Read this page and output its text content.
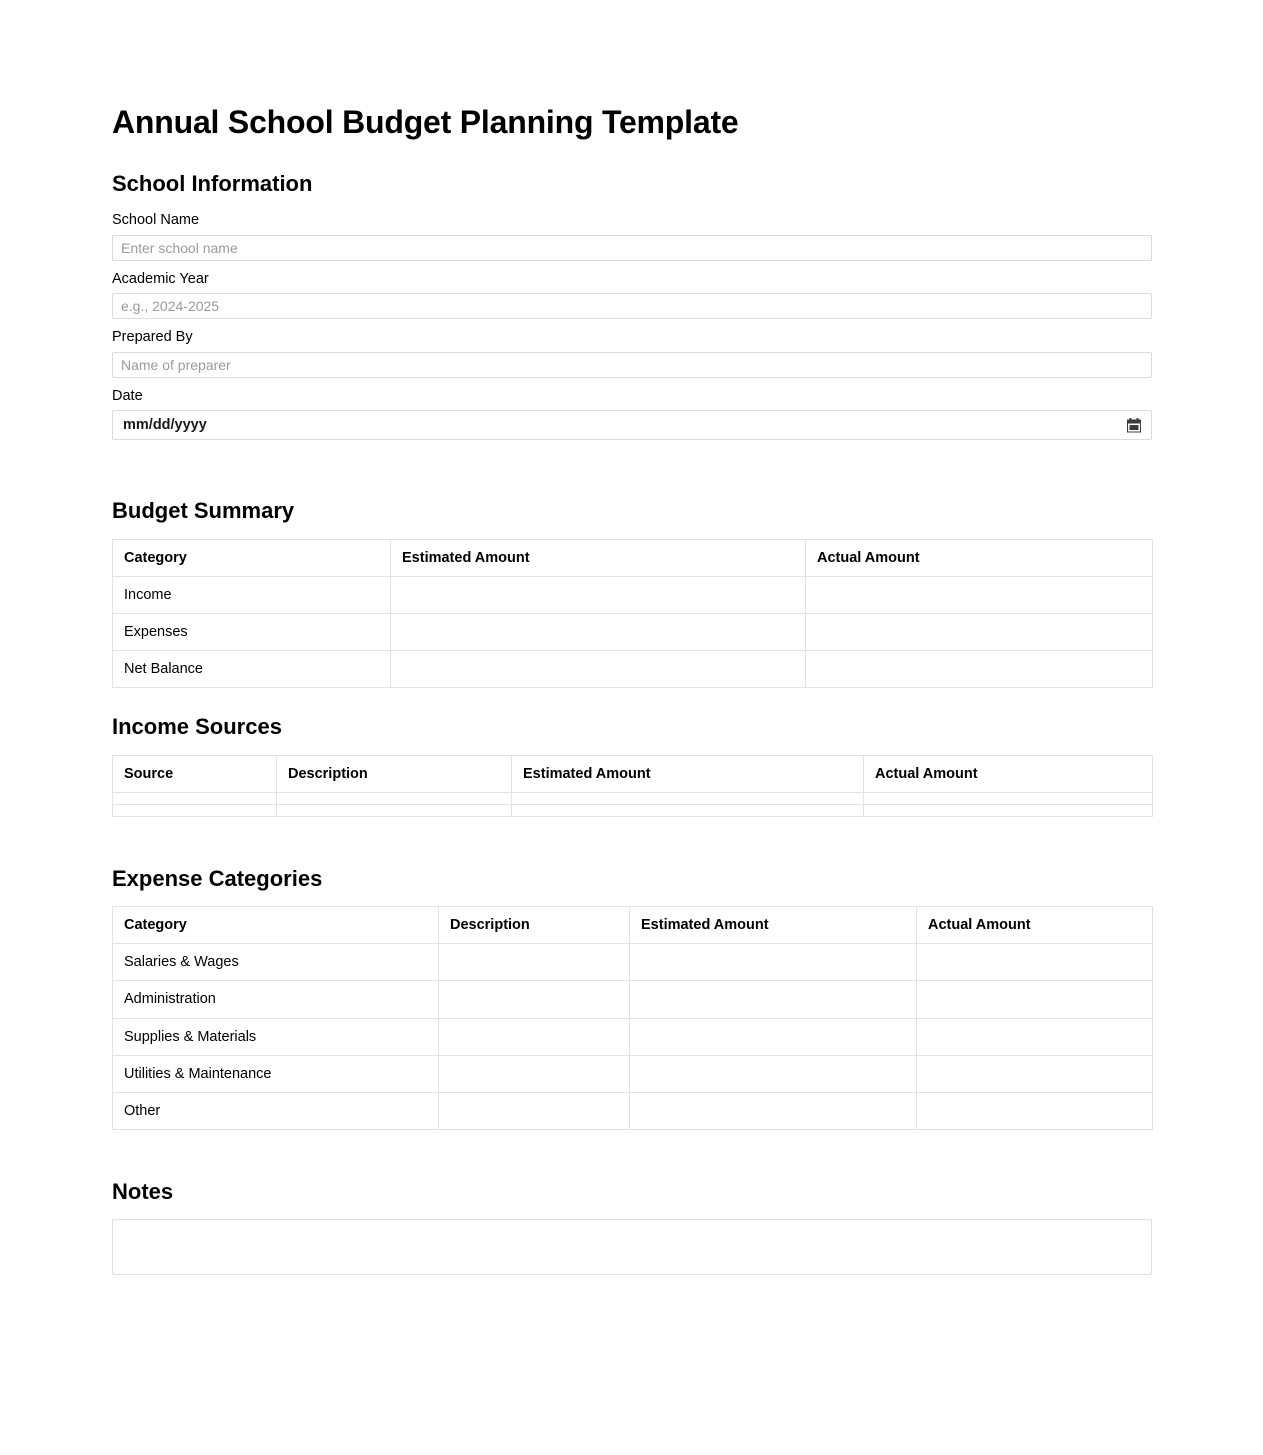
Annual School Budget Planning Template
School Information
School Name
Enter school name
Academic Year
e.g., 2024-2025
Prepared By
Name of preparer
Date
mm/dd/yyyy
Budget Summary
Category	Estimated Amount	Actual Amount
Income		
Expenses		
Net Balance		
Income Sources
Source	Description	Estimated Amount	Actual Amount

Expense Categories
Category	Description	Estimated Amount	Actual Amount
Salaries & Wages			
Administration			
Supplies & Materials			
Utilities & Maintenance			
Other			
Notes
